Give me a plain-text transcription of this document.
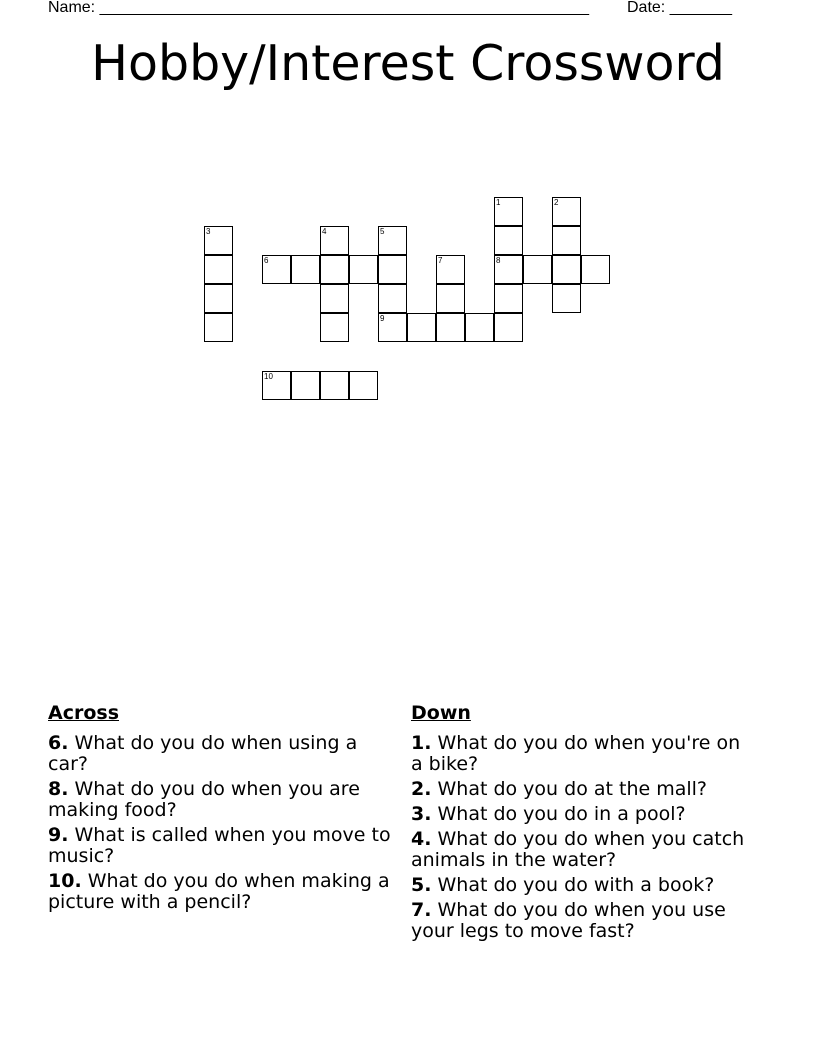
Name: _______________________________________________________ Date: _______
Hobby/Interest Crossword
3
6
4	5
9
7
1
8
2
10
Across
6. What do you do when using a car?
8. What do you do when you are making food?
9. What is called when you move to music?
10. What do you do when making a picture with a pencil?
Down
1. What do you do when you're on a bike?
2. What do you do at the mall?
3. What do you do in a pool?
4. What do you do when you catch animals in the water?
5. What do you do with a book?
7. What do you do when you use your legs to move fast?
